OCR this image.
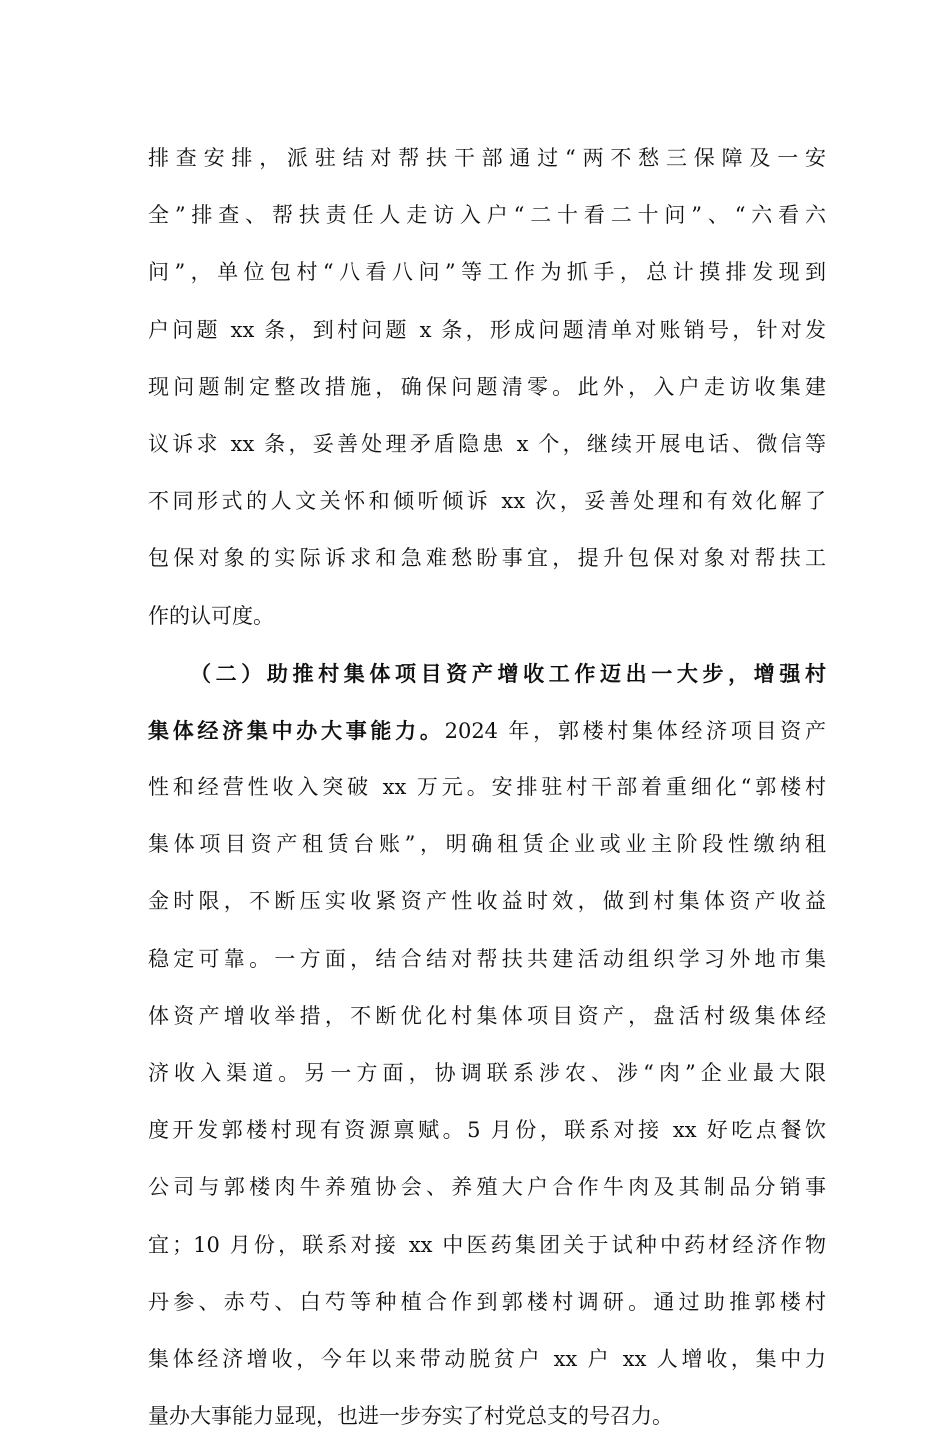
排查安排，派驻结对帮扶干部通过“两不愁三保障及一安
全”排查、帮扶责任人走访入户“二十看二十问”、“六看六
问”，单位包村“八看八问”等工作为抓手，总计摸排发现到
户问题 xx 条，到村问题 x 条，形成问题清单对账销号，针对发
现问题制定整改措施，确保问题清零。此外，入户走访收集建
议诉求 xx 条，妥善处理矛盾隐患 x 个，继续开展电话、微信等
不同形式的人文关怀和倾听倾诉 xx 次，妥善处理和有效化解了
包保对象的实际诉求和急难愁盼事宜，提升包保对象对帮扶工
作的认可度。
（二）助推村集体项目资产增收工作迈出一大步，增强村
集体经济集中办大事能力。2024 年，郭楼村集体经济项目资产
性和经营性收入突破 xx 万元。安排驻村干部着重细化“郭楼村
集体项目资产租赁台账”，明确租赁企业或业主阶段性缴纳租
金时限，不断压实收紧资产性收益时效，做到村集体资产收益
稳定可靠。一方面，结合结对帮扶共建活动组织学习外地市集
体资产增收举措，不断优化村集体项目资产，盘活村级集体经
济收入渠道。另一方面，协调联系涉农、涉“肉”企业最大限
度开发郭楼村现有资源禀赋。5 月份，联系对接 xx 好吃点餐饮
公司与郭楼肉牛养殖协会、养殖大户合作牛肉及其制品分销事
宜；10 月份，联系对接 xx 中医药集团关于试种中药材经济作物
丹参、赤芍、白芍等种植合作到郭楼村调研。通过助推郭楼村
集体经济增收，今年以来带动脱贫户 xx 户 xx 人增收，集中力
量办大事能力显现，也进一步夯实了村党总支的号召力。
